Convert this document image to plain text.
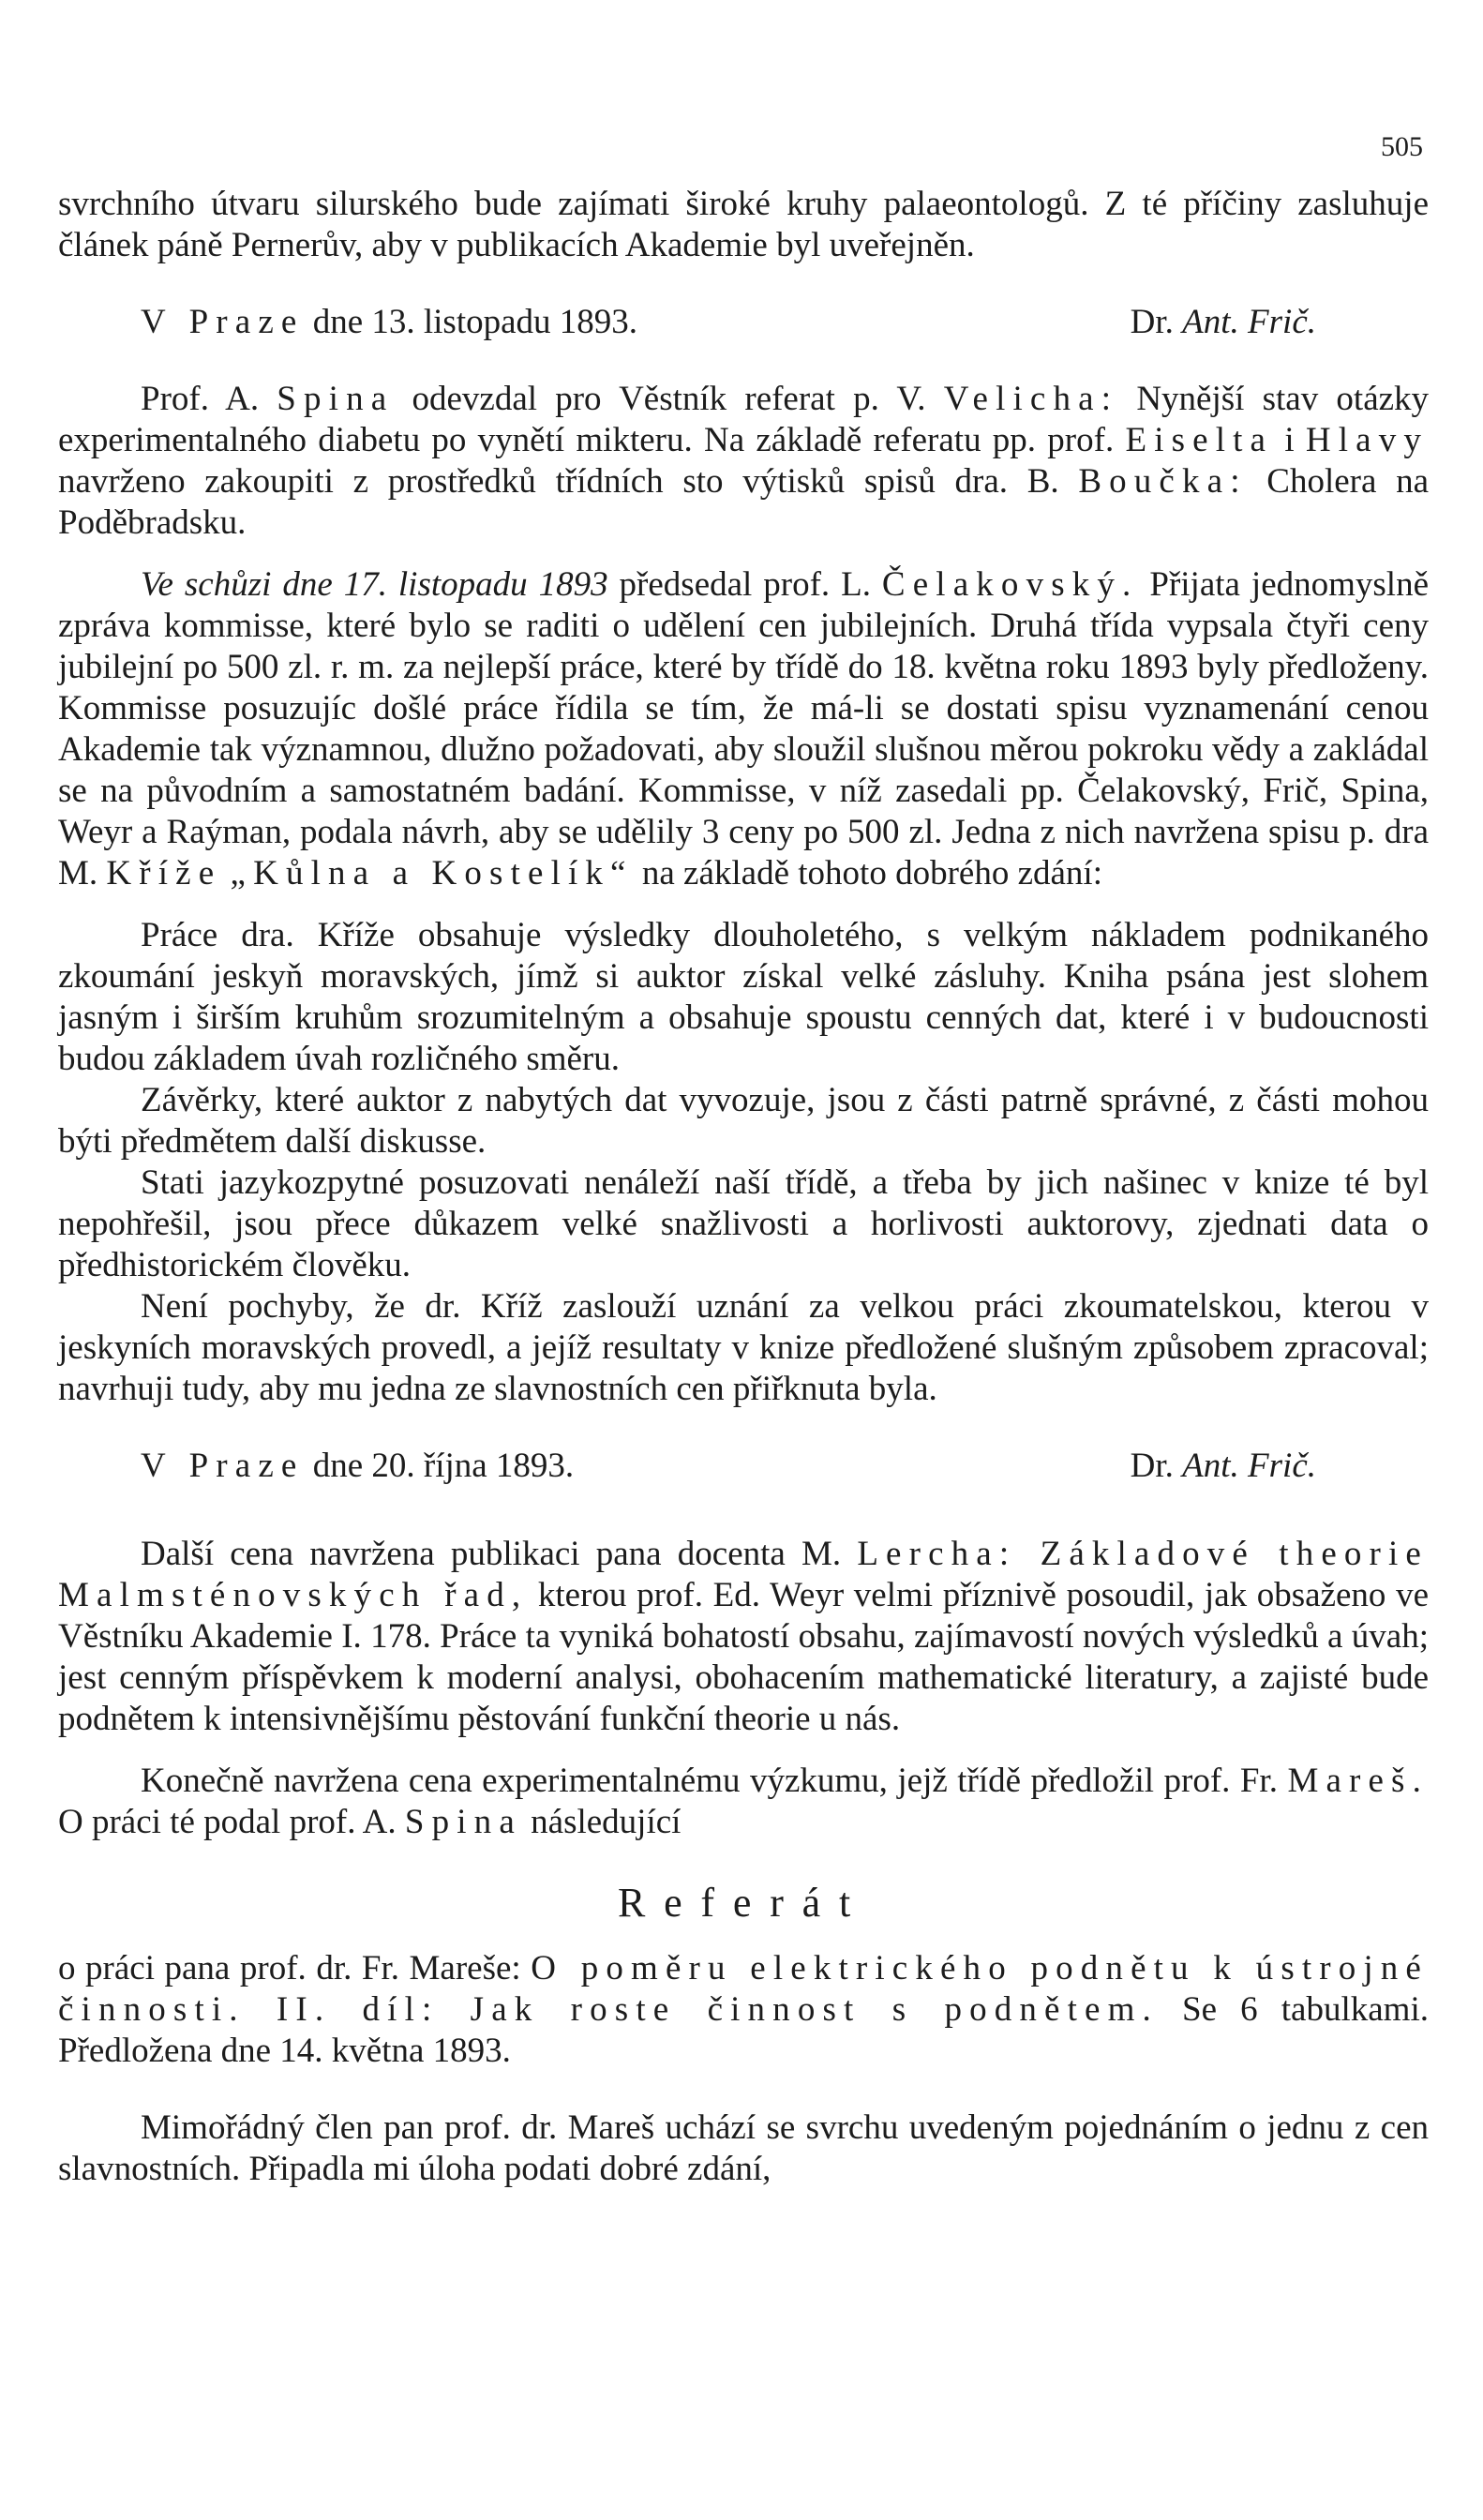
505

svrchního útvaru silurského bude zajímati široké kruhy palaeontologů. Z té příčiny zasluhuje článek páně Pernerův, aby v publikacích Akademie byl uveřejněn.

V Praze dne 13. listopadu 1893.	Dr. Ant. Frič.

Prof. A. Spina odevzdal pro Věstník referat p. V. Velicha: Nynější stav otázky experimentalného diabetu po vynětí mikteru. Na základě referatu pp. prof. Eiselta i Hlavy navrženo zakoupiti z prostředků třídních sto výtisků spisů dra. B. Boučka: Cholera na Poděbradsku.

Ve schůzi dne 17. listopadu 1893 předsedal prof. L. Čelakovský. Přijata jednomyslně zpráva kommisse, které bylo se raditi o udělení cen jubilejních. Druhá třída vypsala čtyři ceny jubilejní po 500 zl. r. m. za nejlepší práce, které by třídě do 18. května roku 1893 byly předloženy. Kommisse posuzujíc došlé práce řídila se tím, že má-li se dostati spisu vyznamenání cenou Akademie tak významnou, dlužno požadovati, aby sloužil slušnou měrou pokroku vědy a zakládal se na původním a samostatném badání. Kommisse, v níž zasedali pp. Čelakovský, Frič, Spina, Weyr a Raýman, podala návrh, aby se udělily 3 ceny po 500 zl. Jedna z nich navržena spisu p. dra M. Kříže „Kůlna a Kostelík“ na základě tohoto dobrého zdání:

Práce dra. Kříže obsahuje výsledky dlouholetého, s velkým nákladem podnikaného zkoumání jeskyň moravských, jímž si auktor získal velké zásluhy. Kniha psána jest slohem jasným i širším kruhům srozumitelným a obsahuje spoustu cenných dat, které i v budoucnosti budou základem úvah rozličného směru.

Závěrky, které auktor z nabytých dat vyvozuje, jsou z části patrně správné, z části mohou býti předmětem další diskusse.

Stati jazykozpytné posuzovati nenáleží naší třídě, a třeba by jich našinec v knize té byl nepohřešil, jsou přece důkazem velké snažlivosti a horlivosti auktorovy, zjednati data o předhistorickém člověku.

Není pochyby, že dr. Kříž zaslouží uznání za velkou práci zkoumatelskou, kterou v jeskyních moravských provedl, a jejíž resultaty v knize předložené slušným způsobem zpracoval; navrhuji tudy, aby mu jedna ze slavnostních cen přiřknuta byla.

V Praze dne 20. října 1893.	Dr. Ant. Frič.

Další cena navržena publikaci pana docenta M. Lercha: Základové theorie Malmsténovských řad, kterou prof. Ed. Weyr velmi příznivě posoudil, jak obsaženo ve Věstníku Akademie I. 178. Práce ta vyniká bohatostí obsahu, zajímavostí nových výsledků a úvah; jest cenným příspěvkem k moderní analysi, obohacením mathematické literatury, a zajisté bude podnětem k intensivnějšímu pěstování funkční theorie u nás.

Konečně navržena cena experimentalnému výzkumu, jejž třídě předložil prof. Fr. Mareš. O práci té podal prof. A. Spina následující

Referát

o práci pana prof. dr. Fr. Mareše: O poměru elektrického podnětu k ústrojné činnosti. II. díl: Jak roste činnost s podnětem. Se 6 tabulkami. Předložena dne 14. května 1893.

Mimořádný člen pan prof. dr. Mareš uchází se svrchu uvedeným pojednáním o jednu z cen slavnostních. Připadla mi úloha podati dobré zdání,
